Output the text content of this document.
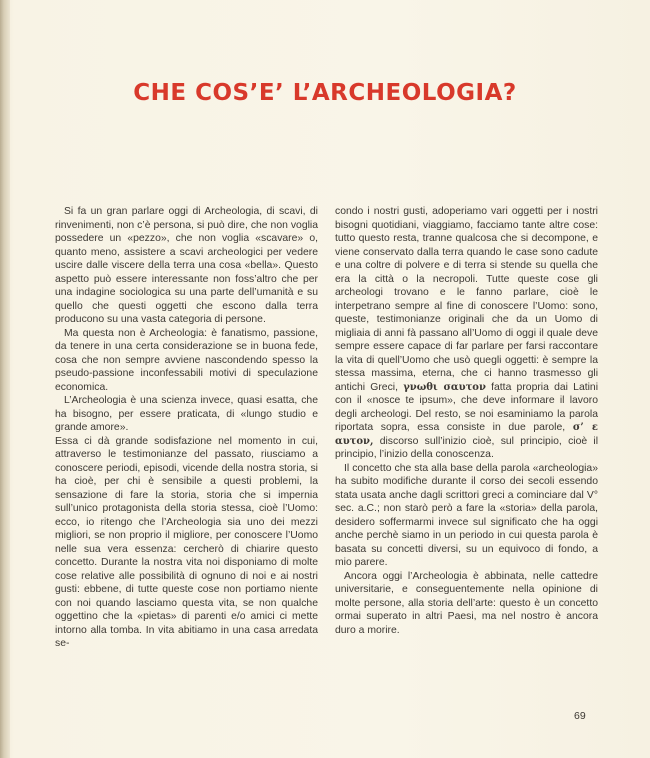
CHE COS’E’ L’ARCHEOLOGIA?

Si fa un gran parlare oggi di Archeologia, di scavi, di rinvenimenti, non c’è persona, si può dire, che non voglia possedere un «pezzo», che non voglia «scavare» o, quanto meno, assistere a scavi archeologici per vedere uscire dalle viscere della terra una cosa «bella». Questo aspetto può essere interessante non foss’altro che per una indagine sociologica su una parte dell’umanità e su quello che questi oggetti che escono dalla terra producono su una vasta categoria di persone.

Ma questa non è Archeologia: è fanatismo, passione, da tenere in una certa considerazione se in buona fede, cosa che non sempre avviene nascondendo spesso la pseudo-passione inconfessabili motivi di speculazione economica.

L’Archeologia è una scienza invece, quasi esatta, che ha bisogno, per essere praticata, di «lungo studio e grande amore».

Essa ci dà grande sodisfazione nel momento in cui, attraverso le testimonianze del passato, riusciamo a conoscere periodi, episodi, vicende della nostra storia, si ha cioè, per chi è sensibile a questi problemi, la sensazione di fare la storia, storia che si impernia sull’unico protagonista della storia stessa, cioè l’Uomo: ecco, io ritengo che l’Archeologia sia uno dei mezzi migliori, se non proprio il migliore, per conoscere l’Uomo nelle sua vera essenza: cercherò di chiarire questo concetto. Durante la nostra vita noi disponiamo di molte cose relative alle possibilità di ognuno di noi e ai nostri gusti: ebbene, di tutte queste cose non portiamo niente con noi quando lasciamo questa vita, se non qualche oggettino che la «pietas» di parenti e/o amici ci mette intorno alla tomba. In vita abitiamo in una casa arredata se-

condo i nostri gusti, adoperiamo vari oggetti per i nostri bisogni quotidiani, viaggiamo, facciamo tante altre cose: tutto questo resta, tranne qualcosa che si decompone, e viene conservato dalla terra quando le case sono cadute e una coltre di polvere e di terra si stende su quella che era la città o la necropoli. Tutte queste cose gli archeologi trovano e le fanno parlare, cioè le interpetrano sempre al fine di conoscere l’Uomo: sono, queste, testimonianze originali che da un Uomo di migliaia di anni fà passano all’Uomo di oggi il quale deve sempre essere capace di far parlare per farsi raccontare la vita di quell’Uomo che usò quegli oggetti: è sempre la stessa massima, eterna, che ci hanno trasmesso gli antichi Greci, γνωθι σαυτον fatta propria dai Latini con il «nosce te ipsum», che deve informare il lavoro degli archeologi. Del resto, se noi esaminiamo la parola riportata sopra, essa consiste in due parole, σ’ ε αυτον, discorso sull’inizio cioè, sul principio, cioè il principio, l’inizio della conoscenza.

Il concetto che sta alla base della parola «archeologia» ha subito modifiche durante il corso dei secoli essendo stata usata anche dagli scrittori greci a cominciare dal V° sec. a.C.; non starò però a fare la «storia» della parola, desidero soffermarmi invece sul significato che ha oggi anche perchè siamo in un periodo in cui questa parola è basata su concetti diversi, su un equivoco di fondo, a mio parere.

Ancora oggi l’Archeologia è abbinata, nelle cattedre universitarie, e conseguentemente nella opinione di molte persone, alla storia dell’arte: questo è un concetto ormai superato in altri Paesi, ma nel nostro è ancora duro a morire.

69
